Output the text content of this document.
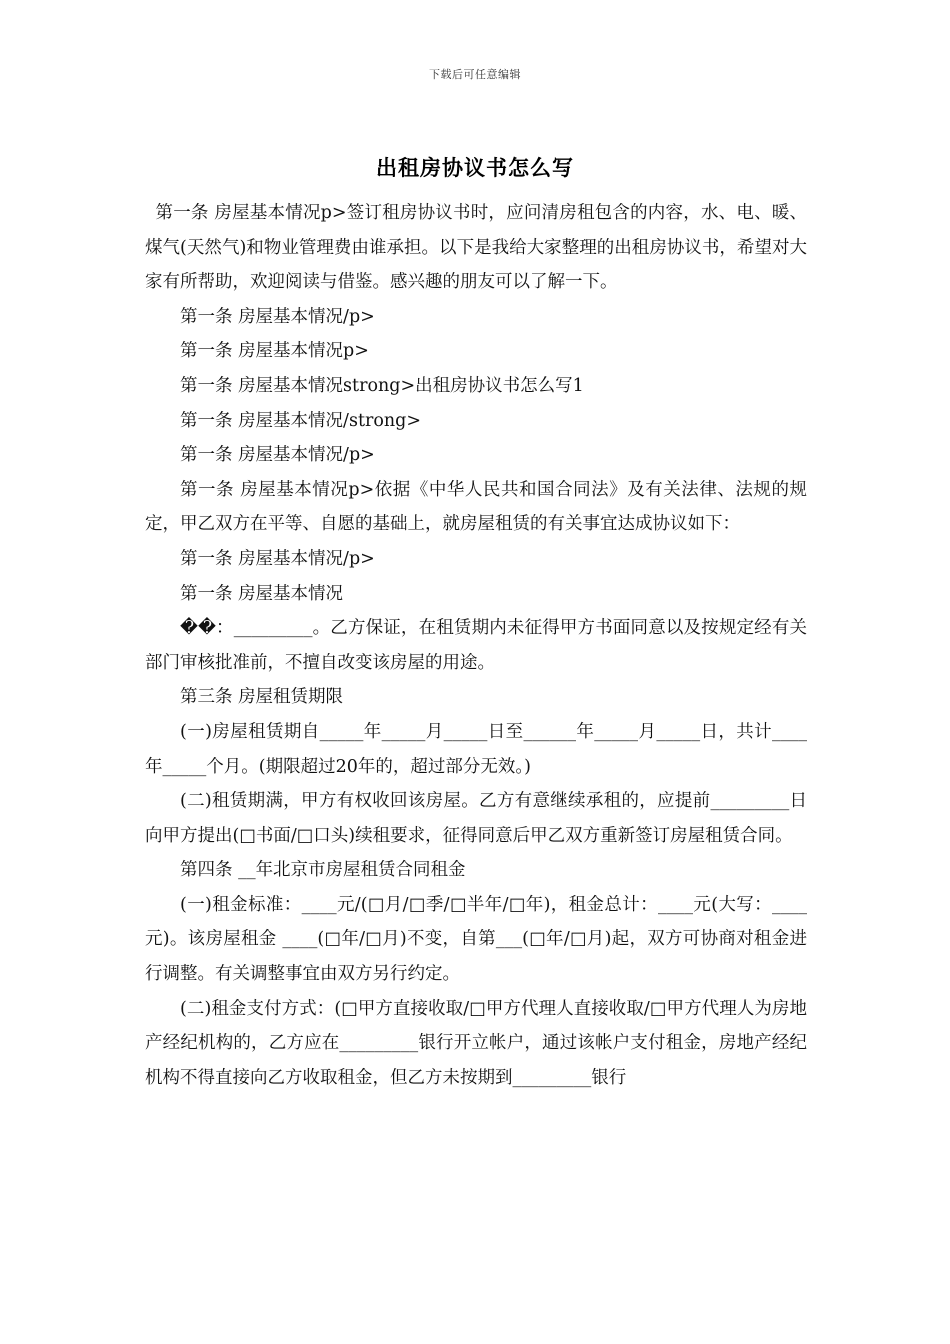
下载后可任意编辑
出租房协议书怎么写

第一条 房屋基本情况p>签订租房协议书时，应问清房租包含的内容，水、电、暖、煤气(天然气)和物业管理费由谁承担。以下是我给大家整理的出租房协议书，希望对大家有所帮助，欢迎阅读与借鉴。感兴趣的朋友可以了解一下。

第一条 房屋基本情况/p>

第一条 房屋基本情况p>

第一条 房屋基本情况strong>出租房协议书怎么写1

第一条 房屋基本情况/strong>

第一条 房屋基本情况/p>

第一条 房屋基本情况p>依据《中华人民共和国合同法》及有关法律、法规的规定，甲乙双方在平等、自愿的基础上，就房屋租赁的有关事宜达成协议如下：

第一条 房屋基本情况/p>

第一条 房屋基本情况

��：_________。乙方保证，在租赁期内未征得甲方书面同意以及按规定经有关部门审核批准前，不擅自改变该房屋的用途。

第三条 房屋租赁期限

(一)房屋租赁期自_____年_____月_____日至______年_____月_____日，共计____年_____个月。(期限超过20年的，超过部分无效。)

(二)租赁期满，甲方有权收回该房屋。乙方有意继续承租的，应提前_________日向甲方提出(□书面/□口头)续租要求，征得同意后甲乙双方重新签订房屋租赁合同。

第四条 __年北京市房屋租赁合同租金

(一)租金标准：____元/(□月/□季/□半年/□年)，租金总计：____元(大写：____元)。该房屋租金 ____(□年/□月)不变，自第___(□年/□月)起，双方可协商对租金进行调整。有关调整事宜由双方另行约定。

(二)租金支付方式：(□甲方直接收取/□甲方代理人直接收取/□甲方代理人为房地产经纪机构的，乙方应在_________银行开立帐户，通过该帐户支付租金，房地产经纪机构不得直接向乙方收取租金，但乙方未按期到_________银行
